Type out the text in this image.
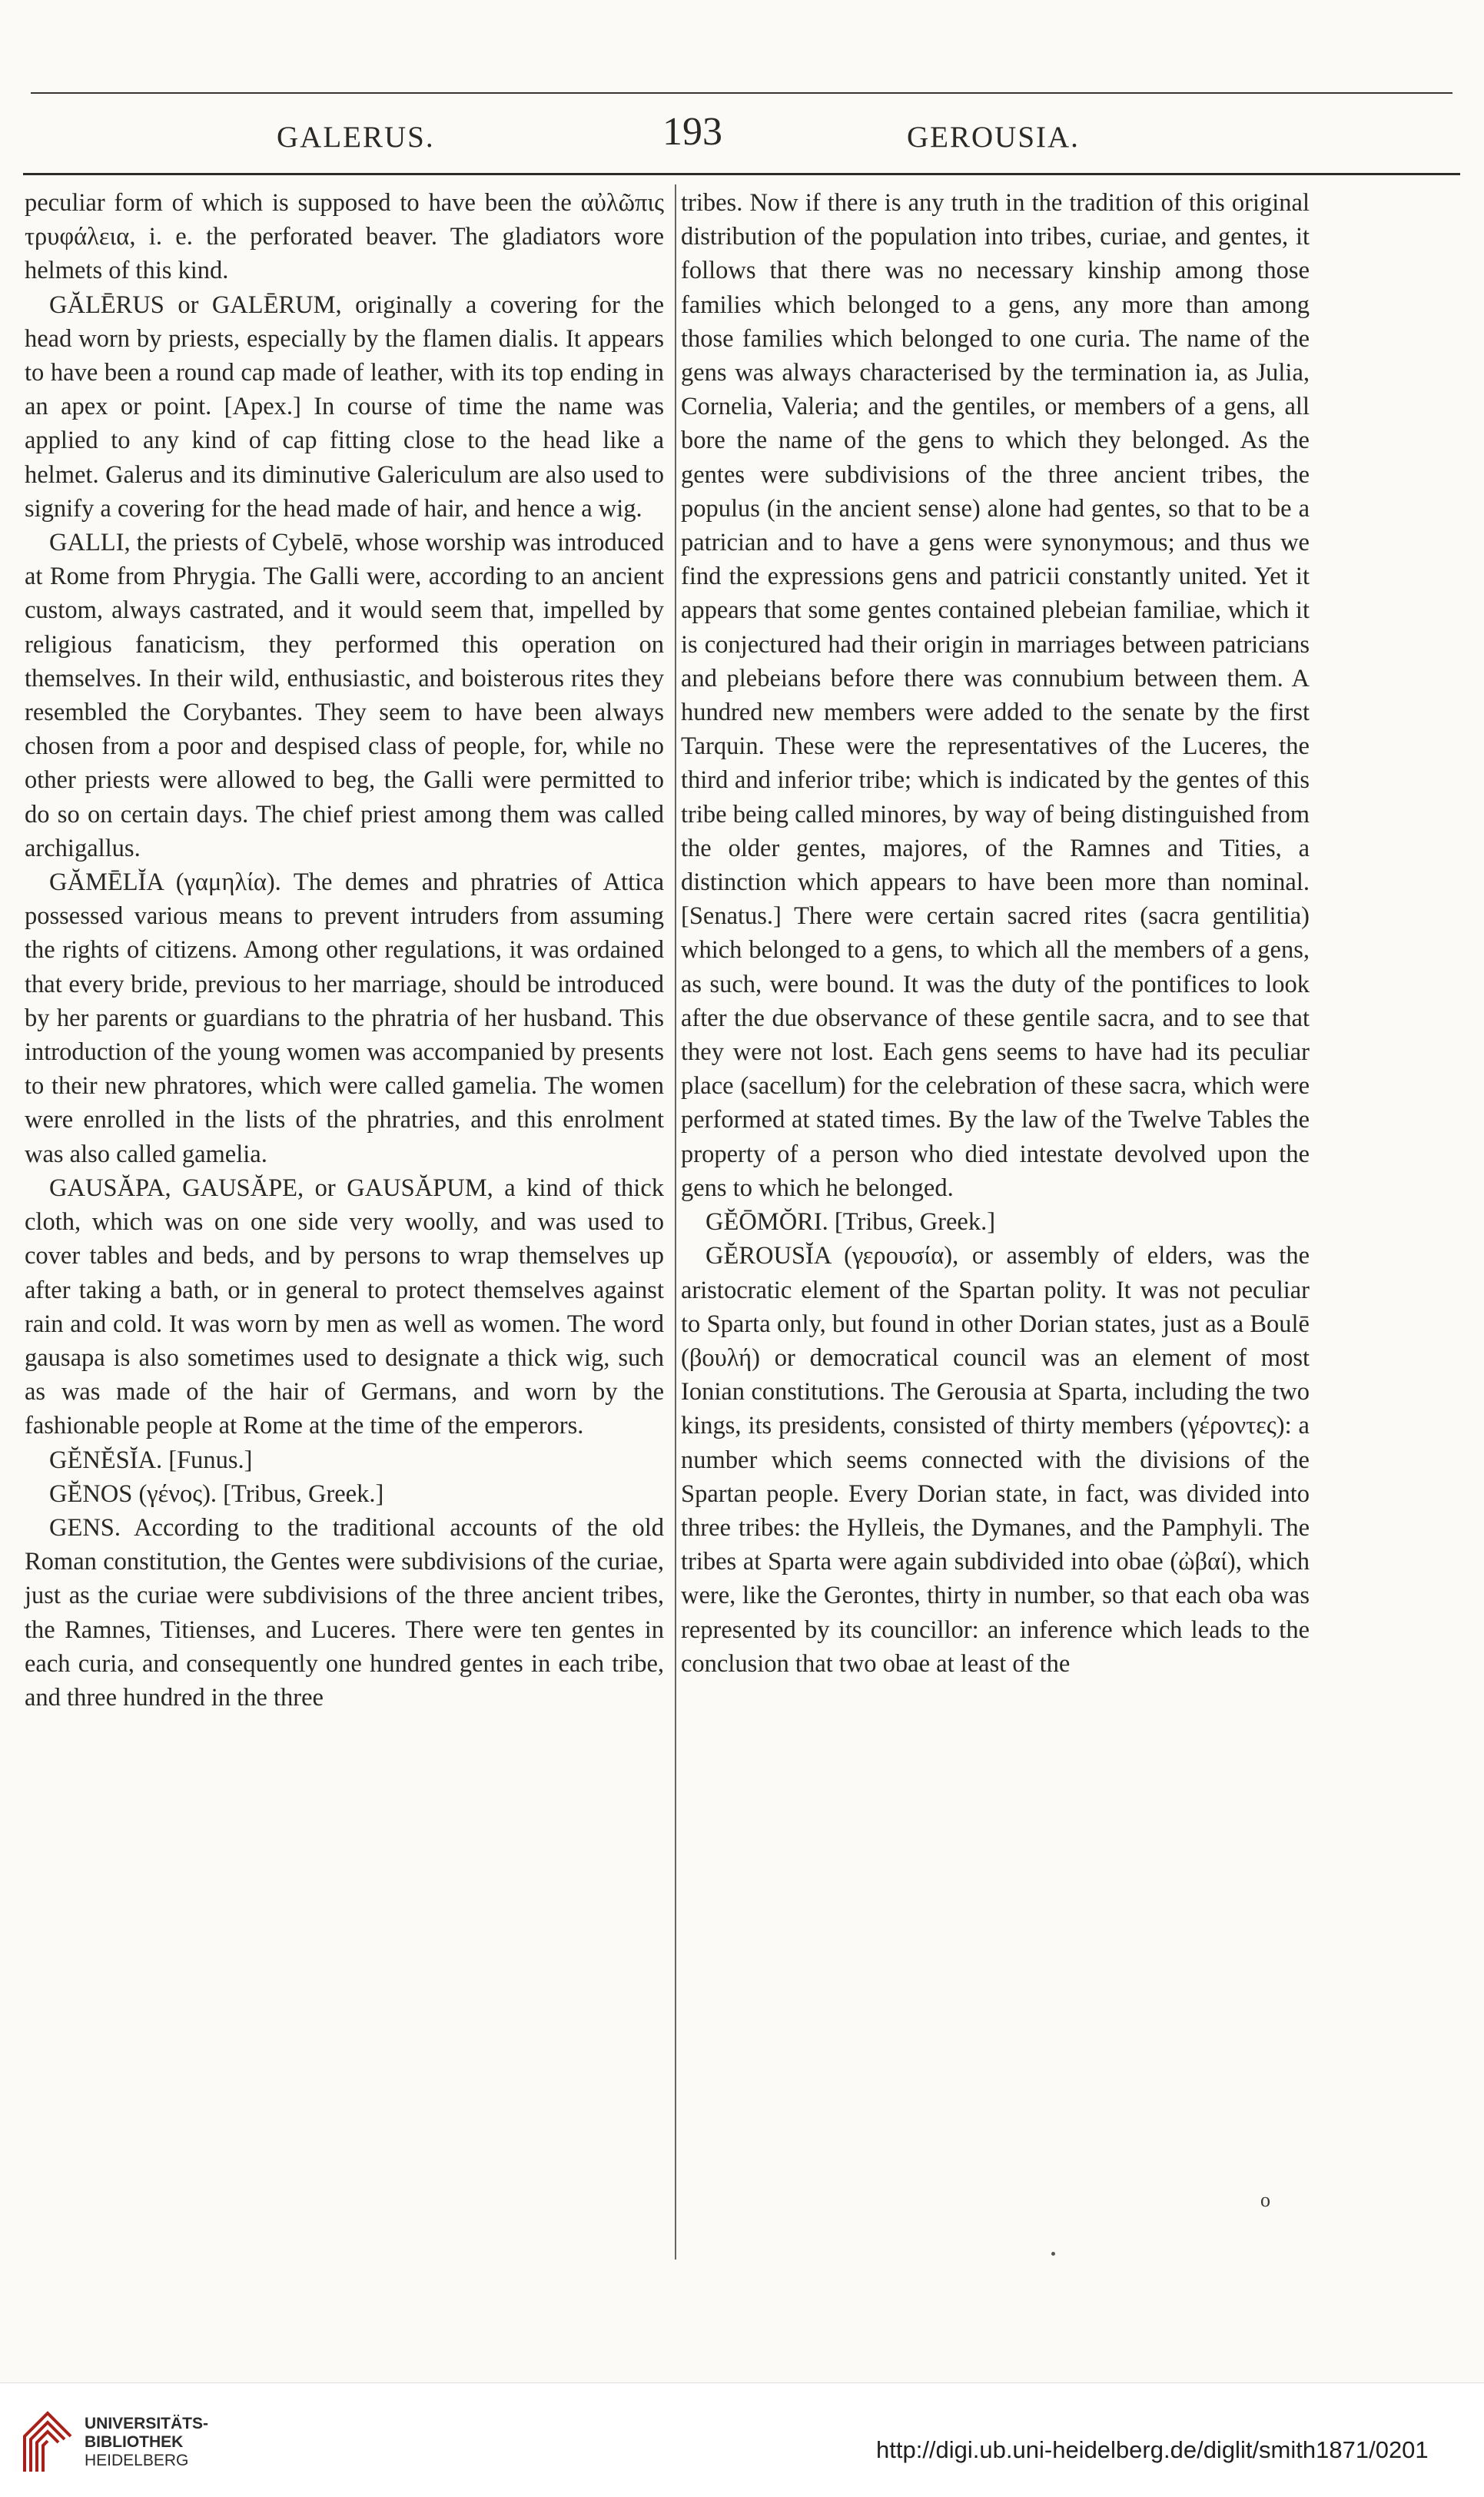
GALERUS.	193	GEROUSIA.

peculiar form of which is supposed to have been the αὐλῶπις τρυφάλεια, i. e. the perforated beaver. The gladiators wore helmets of this kind.

GĂLĒRUS or GALĒRUM, originally a covering for the head worn by priests, especially by the flamen dialis. It appears to have been a round cap made of leather, with its top ending in an apex or point. [Apex.] In course of time the name was applied to any kind of cap fitting close to the head like a helmet. Galerus and its diminutive Galericulum are also used to signify a covering for the head made of hair, and hence a wig.

GALLI, the priests of Cybelē, whose worship was introduced at Rome from Phrygia. The Galli were, according to an ancient custom, always castrated, and it would seem that, impelled by religious fanaticism, they performed this operation on themselves. In their wild, enthusiastic, and boisterous rites they resembled the Corybantes. They seem to have been always chosen from a poor and despised class of people, for, while no other priests were allowed to beg, the Galli were permitted to do so on certain days. The chief priest among them was called archigallus.

GĂMĒLĬA (γαμηλία). The demes and phratries of Attica possessed various means to prevent intruders from assuming the rights of citizens. Among other regulations, it was ordained that every bride, previous to her marriage, should be introduced by her parents or guardians to the phratria of her husband. This introduction of the young women was accompanied by presents to their new phratores, which were called gamelia. The women were enrolled in the lists of the phratries, and this enrolment was also called gamelia.

GAUSĂPA, GAUSĂPE, or GAUSĂPUM, a kind of thick cloth, which was on one side very woolly, and was used to cover tables and beds, and by persons to wrap themselves up after taking a bath, or in general to protect themselves against rain and cold. It was worn by men as well as women. The word gausapa is also sometimes used to designate a thick wig, such as was made of the hair of Germans, and worn by the fashionable people at Rome at the time of the emperors.

GĔNĔSĬA. [Funus.]

GĔNOS (γένος). [Tribus, Greek.]

GENS. According to the traditional accounts of the old Roman constitution, the Gentes were subdivisions of the curiae, just as the curiae were subdivisions of the three ancient tribes, the Ramnes, Titienses, and Luceres. There were ten gentes in each curia, and consequently one hundred gentes in each tribe, and three hundred in the three

tribes. Now if there is any truth in the tradition of this original distribution of the population into tribes, curiae, and gentes, it follows that there was no necessary kinship among those families which belonged to a gens, any more than among those families which belonged to one curia. The name of the gens was always characterised by the termination ia, as Julia, Cornelia, Valeria; and the gentiles, or members of a gens, all bore the name of the gens to which they belonged. As the gentes were subdivisions of the three ancient tribes, the populus (in the ancient sense) alone had gentes, so that to be a patrician and to have a gens were synonymous; and thus we find the expressions gens and patricii constantly united. Yet it appears that some gentes contained plebeian familiae, which it is conjectured had their origin in marriages between patricians and plebeians before there was connubium between them. A hundred new members were added to the senate by the first Tarquin. These were the representatives of the Luceres, the third and inferior tribe; which is indicated by the gentes of this tribe being called minores, by way of being distinguished from the older gentes, majores, of the Ramnes and Tities, a distinction which appears to have been more than nominal. [Senatus.] There were certain sacred rites (sacra gentilitia) which belonged to a gens, to which all the members of a gens, as such, were bound. It was the duty of the pontifices to look after the due observance of these gentile sacra, and to see that they were not lost. Each gens seems to have had its peculiar place (sacellum) for the celebration of these sacra, which were performed at stated times. By the law of the Twelve Tables the property of a person who died intestate devolved upon the gens to which he belonged.

GĔŌMŎRI. [Tribus, Greek.]

GĔROUSĬA (γερουσία), or assembly of elders, was the aristocratic element of the Spartan polity. It was not peculiar to Sparta only, but found in other Dorian states, just as a Boulē (βουλή) or democratical council was an element of most Ionian constitutions. The Gerousia at Sparta, including the two kings, its presidents, consisted of thirty members (γέροντες): a number which seems connected with the divisions of the Spartan people. Every Dorian state, in fact, was divided into three tribes: the Hylleis, the Dymanes, and the Pamphyli. The tribes at Sparta were again subdivided into obae (ὠβαί), which were, like the Gerontes, thirty in number, so that each oba was represented by its councillor: an inference which leads to the conclusion that two obae at least of the

o
UNIVERSITÄTS-
BIBLIOTHEK
HEIDELBERG	http://digi.ub.uni-heidelberg.de/diglit/smith1871/0201
